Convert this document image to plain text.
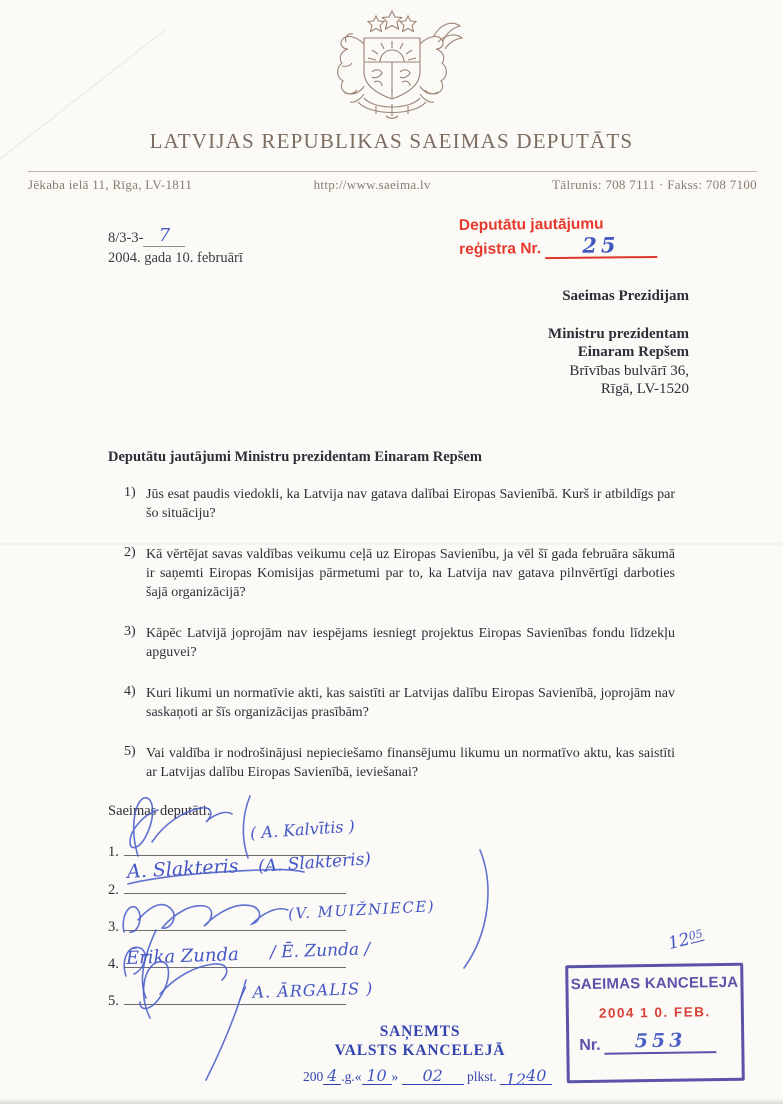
LATVIJAS REPUBLIKAS SAEIMAS DEPUTĀTS
Jēkaba ielā 11, Rīga, LV-1811	http://www.saeima.lv	Tālrunis: 708 7111 · Fakss: 708 7100
8/3-3- 7
2004. gada 10. februārī
Deputātu jautājumu
reģistra Nr. 25
Saeimas Prezidijam
Ministru prezidentam
Einaram Repšem
Brīvības bulvārī 36,
Rīgā, LV-1520
Deputātu jautājumi Ministru prezidentam Einaram Repšem
1) Jūs esat paudis viedokli, ka Latvija nav gatava dalībai Eiropas Savienībā. Kurš ir atbildīgs par šo situāciju?
2) Kā vērtējat savas valdības veikumu ceļā uz Eiropas Savienību, ja vēl šī gada februāra sākumā ir saņemti Eiropas Komisijas pārmetumi par to, ka Latvija nav gatava pilnvērtīgi darboties šajā organizācijā?
3) Kāpēc Latvijā joprojām nav iespējams iesniegt projektus Eiropas Savienības fondu līdzekļu apguvei?
4) Kuri likumi un normatīvie akti, kas saistīti ar Latvijas dalību Eiropas Savienībā, joprojām nav saskaņoti ar šīs organizācijas prasībām?
5) Vai valdība ir nodrošinājusi nepieciešamo finansējumu likumu un normatīvo aktu, kas saistīti ar Latvijas dalību Eiropas Savienībā, ieviešanai?
Saeimas deputāti:
1.
2.
3.
4.
5.
( A. Kalvītis )
A. Slakteris (A. Slakteris)
(V. MUIŽNIECE)
Ērika Zunda / Ē. Zunda /
/ A. ĀRGALIS )
SAŅEMTS
VALSTS KANCELEJĀ
200 4 .g.« 10 » 02 plkst. 1240
SAEIMAS KANCELEJA
2004 1 0. FEB.
Nr. 553
$12^{05}$
